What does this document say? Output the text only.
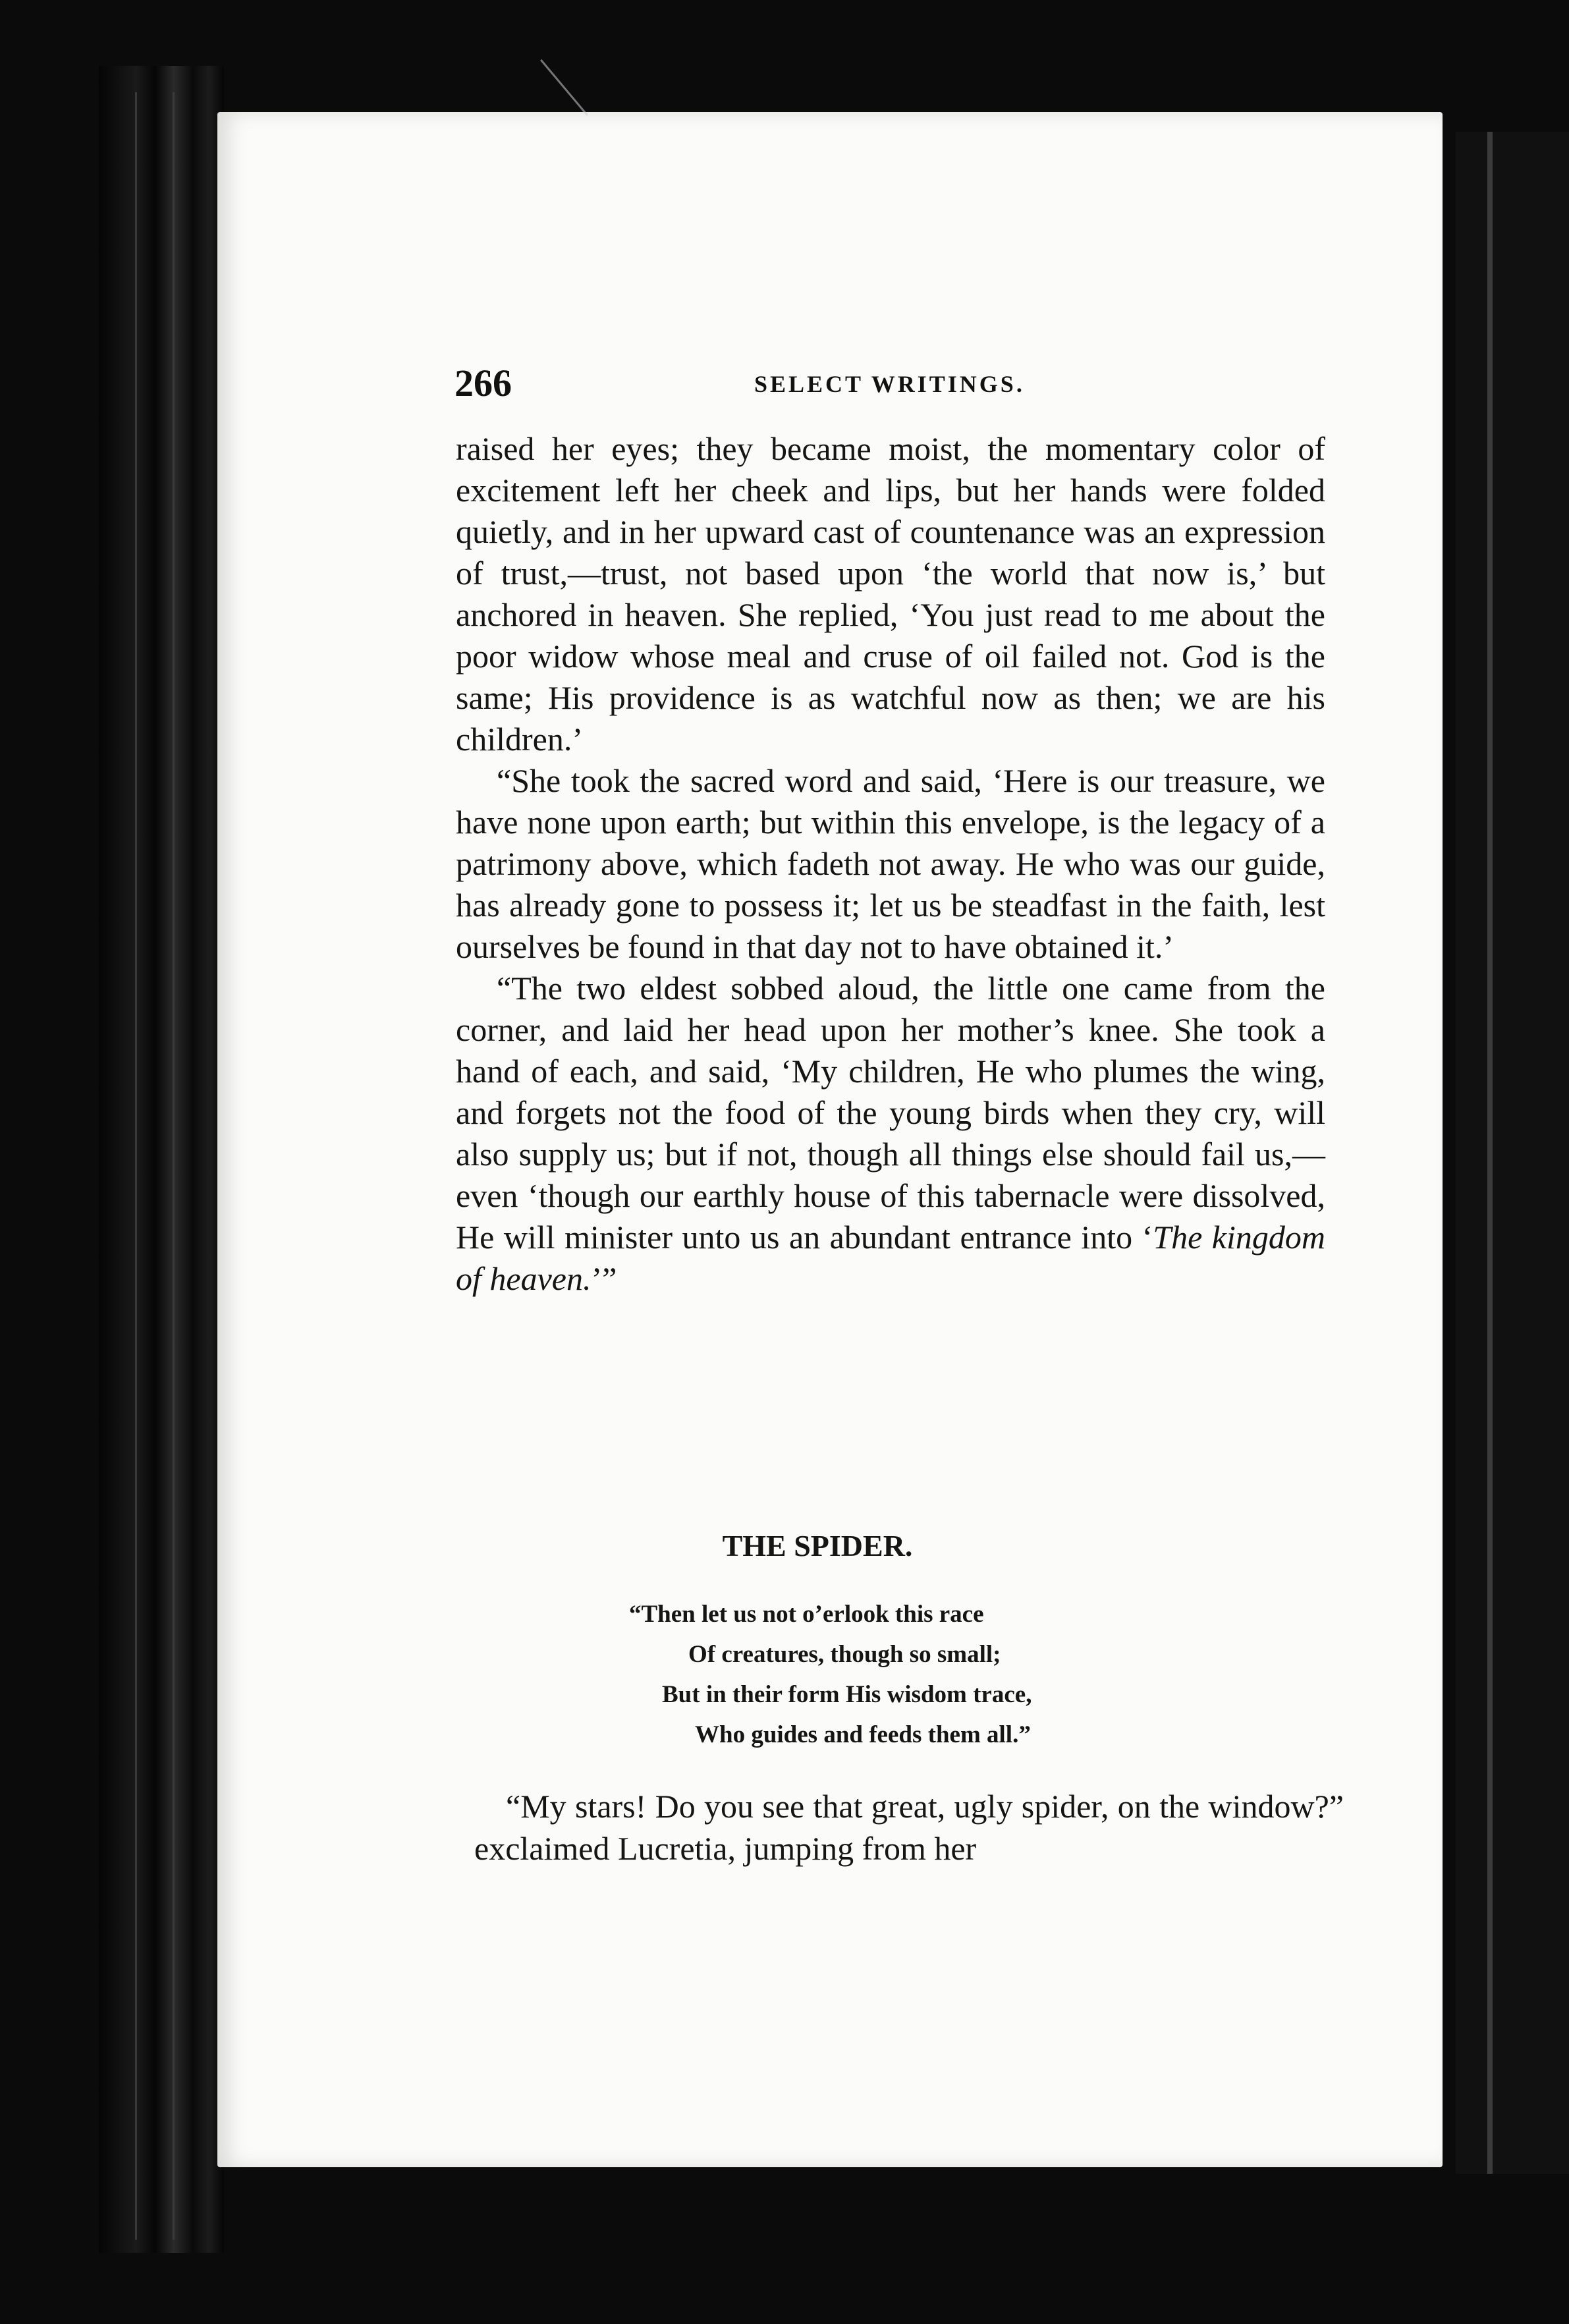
266	SELECT WRITINGS.

raised her eyes; they became moist, the momentary color of excitement left her cheek and lips, but her hands were folded quietly, and in her upward cast of countenance was an expression of trust,—trust, not based upon ‘the world that now is,’ but anchored in heaven. She replied, ‘You just read to me about the poor widow whose meal and cruse of oil failed not. God is the same; His providence is as watchful now as then; we are his children.’

“She took the sacred word and said, ‘Here is our treasure, we have none upon earth; but within this envelope, is the legacy of a patrimony above, which fadeth not away. He who was our guide, has already gone to possess it; let us be steadfast in the faith, lest ourselves be found in that day not to have obtained it.’

“The two eldest sobbed aloud, the little one came from the corner, and laid her head upon her mother’s knee. She took a hand of each, and said, ‘My children, He who plumes the wing, and forgets not the food of the young birds when they cry, will also supply us; but if not, though all things else should fail us,— even ‘though our earthly house of this tabernacle were dissolved, He will minister unto us an abundant entrance into ‘The kingdom of heaven.’”

THE SPIDER.
“Then let us not o’erlook this race
Of creatures, though so small;
But in their form His wisdom trace,
Who guides and feeds them all.”

“My stars! Do you see that great, ugly spider, on the window?” exclaimed Lucretia, jumping from her
